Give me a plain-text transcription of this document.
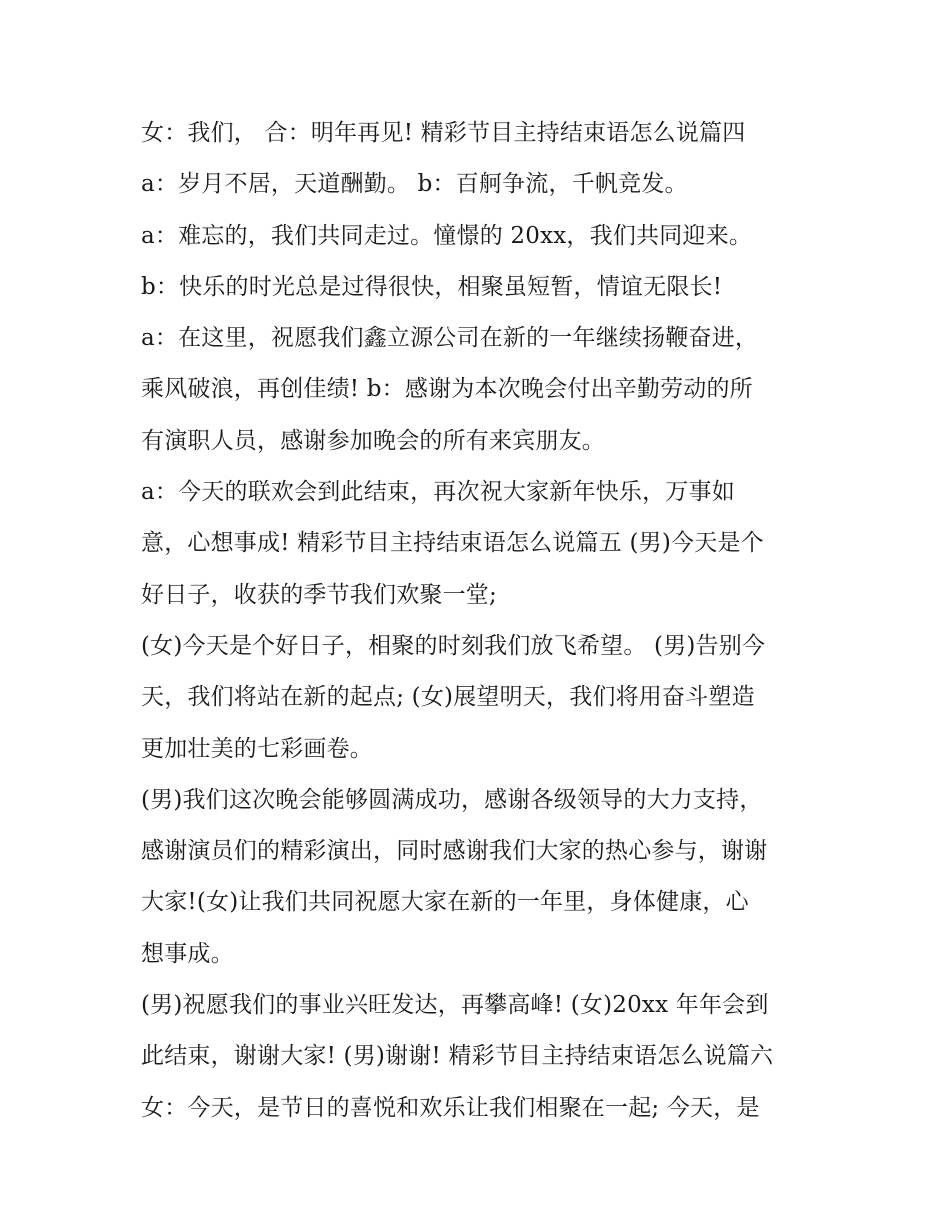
女：我们， 合：明年再见! 精彩节目主持结束语怎么说篇四
a：岁月不居，天道酬勤。 b：百舸争流，千帆竞发。
a：难忘的，我们共同走过。憧憬的 20xx，我们共同迎来。
b：快乐的时光总是过得很快，相聚虽短暂，情谊无限长!
a：在这里，祝愿我们鑫立源公司在新的一年继续扬鞭奋进，
乘风破浪，再创佳绩! b：感谢为本次晚会付出辛勤劳动的所
有演职人员，感谢参加晚会的所有来宾朋友。
a：今天的联欢会到此结束，再次祝大家新年快乐，万事如
意，心想事成! 精彩节目主持结束语怎么说篇五 (男)今天是个
好日子，收获的季节我们欢聚一堂;
(女)今天是个好日子，相聚的时刻我们放飞希望。 (男)告别今
天，我们将站在新的起点; (女)展望明天，我们将用奋斗塑造
更加壮美的七彩画卷。
(男)我们这次晚会能够圆满成功，感谢各级领导的大力支持，
感谢演员们的精彩演出，同时感谢我们大家的热心参与，谢谢
大家!(女)让我们共同祝愿大家在新的一年里，身体健康，心
想事成。
(男)祝愿我们的事业兴旺发达，再攀高峰! (女)20xx 年年会到
此结束，谢谢大家! (男)谢谢! 精彩节目主持结束语怎么说篇六
女：今天，是节日的喜悦和欢乐让我们相聚在一起; 今天，是
